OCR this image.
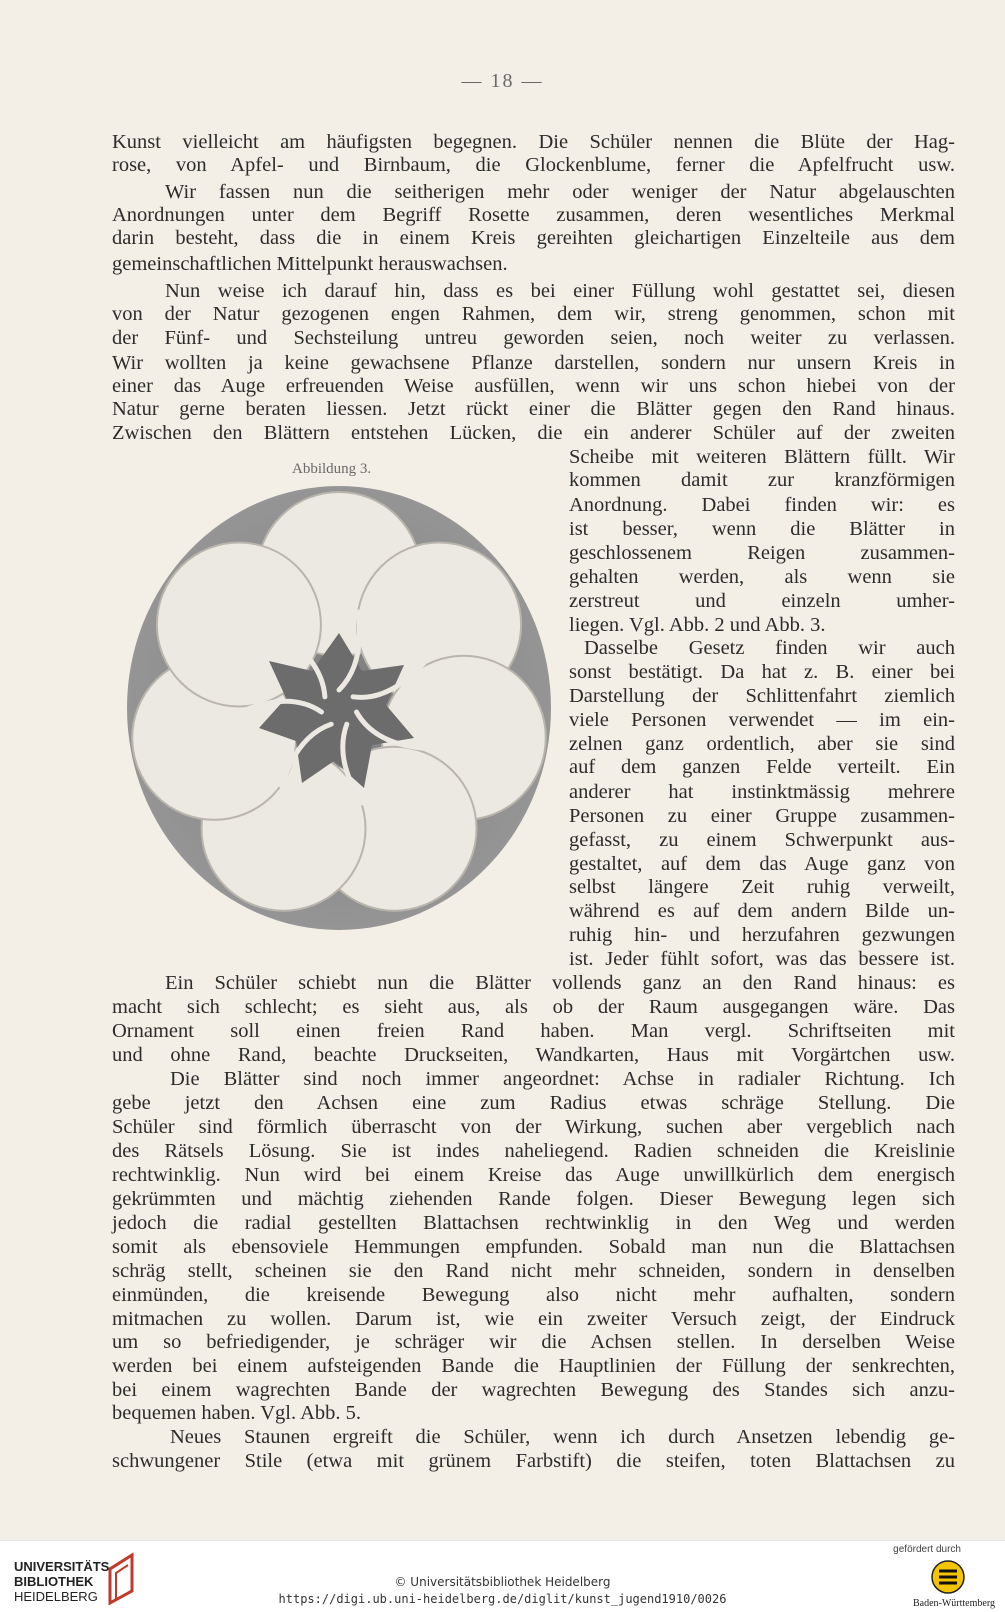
— 18 —
Kunst vielleicht am häufigsten begegnen. Die Schüler nennen die Blüte der Hag-
rose, von Apfel- und Birnbaum, die Glockenblume, ferner die Apfelfrucht usw.
Wir fassen nun die seitherigen mehr oder weniger der Natur abgelauschten
Anordnungen unter dem Begriff Rosette zusammen, deren wesentliches Merkmal
darin besteht, dass die in einem Kreis gereihten gleichartigen Einzelteile aus dem
gemeinschaftlichen Mittelpunkt herauswachsen.
Nun weise ich darauf hin, dass es bei einer Füllung wohl gestattet sei, diesen
von der Natur gezogenen engen Rahmen, dem wir, streng genommen, schon mit
der Fünf- und Sechsteilung untreu geworden seien, noch weiter zu verlassen.
Wir wollten ja keine gewachsene Pflanze darstellen, sondern nur unsern Kreis in
einer das Auge erfreuenden Weise ausfüllen, wenn wir uns schon hiebei von der
Natur gerne beraten liessen. Jetzt rückt einer die Blätter gegen den Rand hinaus.
Zwischen den Blättern entstehen Lücken, die ein anderer Schüler auf der zweiten
Scheibe mit weiteren Blättern füllt. Wir
kommen damit zur kranzförmigen
Anordnung. Dabei finden wir: es
ist besser, wenn die Blätter in
geschlossenem Reigen zusammen-
gehalten werden, als wenn sie
zerstreut und einzeln umher-
liegen. Vgl. Abb. 2 und Abb. 3.
Dasselbe Gesetz finden wir auch
sonst bestätigt. Da hat z. B. einer bei
Darstellung der Schlittenfahrt ziemlich
viele Personen verwendet — im ein-
zelnen ganz ordentlich, aber sie sind
auf dem ganzen Felde verteilt. Ein
anderer hat instinktmässig mehrere
Personen zu einer Gruppe zusammen-
gefasst, zu einem Schwerpunkt aus-
gestaltet, auf dem das Auge ganz von
selbst längere Zeit ruhig verweilt,
während es auf dem andern Bilde un-
ruhig hin- und herzufahren gezwungen
ist. Jeder fühlt sofort, was das bessere ist.
Ein Schüler schiebt nun die Blätter vollends ganz an den Rand hinaus: es
macht sich schlecht; es sieht aus, als ob der Raum ausgegangen wäre. Das
Ornament soll einen freien Rand haben. Man vergl. Schriftseiten mit
und ohne Rand, beachte Druckseiten, Wandkarten, Haus mit Vorgärtchen usw.
Die Blätter sind noch immer angeordnet: Achse in radialer Richtung. Ich
gebe jetzt den Achsen eine zum Radius etwas schräge Stellung. Die
Schüler sind förmlich überrascht von der Wirkung, suchen aber vergeblich nach
des Rätsels Lösung. Sie ist indes naheliegend. Radien schneiden die Kreislinie
rechtwinklig. Nun wird bei einem Kreise das Auge unwillkürlich dem energisch
gekrümmten und mächtig ziehenden Rande folgen. Dieser Bewegung legen sich
jedoch die radial gestellten Blattachsen rechtwinklig in den Weg und werden
somit als ebensoviele Hemmungen empfunden. Sobald man nun die Blattachsen
schräg stellt, scheinen sie den Rand nicht mehr schneiden, sondern in denselben
einmünden, die kreisende Bewegung also nicht mehr aufhalten, sondern
mitmachen zu wollen. Darum ist, wie ein zweiter Versuch zeigt, der Eindruck
um so befriedigender, je schräger wir die Achsen stellen. In derselben Weise
werden bei einem aufsteigenden Bande die Hauptlinien der Füllung der senkrechten,
bei einem wagrechten Bande der wagrechten Bewegung des Standes sich anzu-
bequemen haben. Vgl. Abb. 5.
Neues Staunen ergreift die Schüler, wenn ich durch Ansetzen lebendig ge-
schwungener Stile (etwa mit grünem Farbstift) die steifen, toten Blattachsen zu
Abbildung 3.
UNIVERSITÄTS-
BIBLIOTHEK
HEIDELBERG
© Universitätsbibliothek Heidelberg
https://digi.ub.uni-heidelberg.de/diglit/kunst_jugend1910/0026
gefördert durch
Baden-Württemberg
